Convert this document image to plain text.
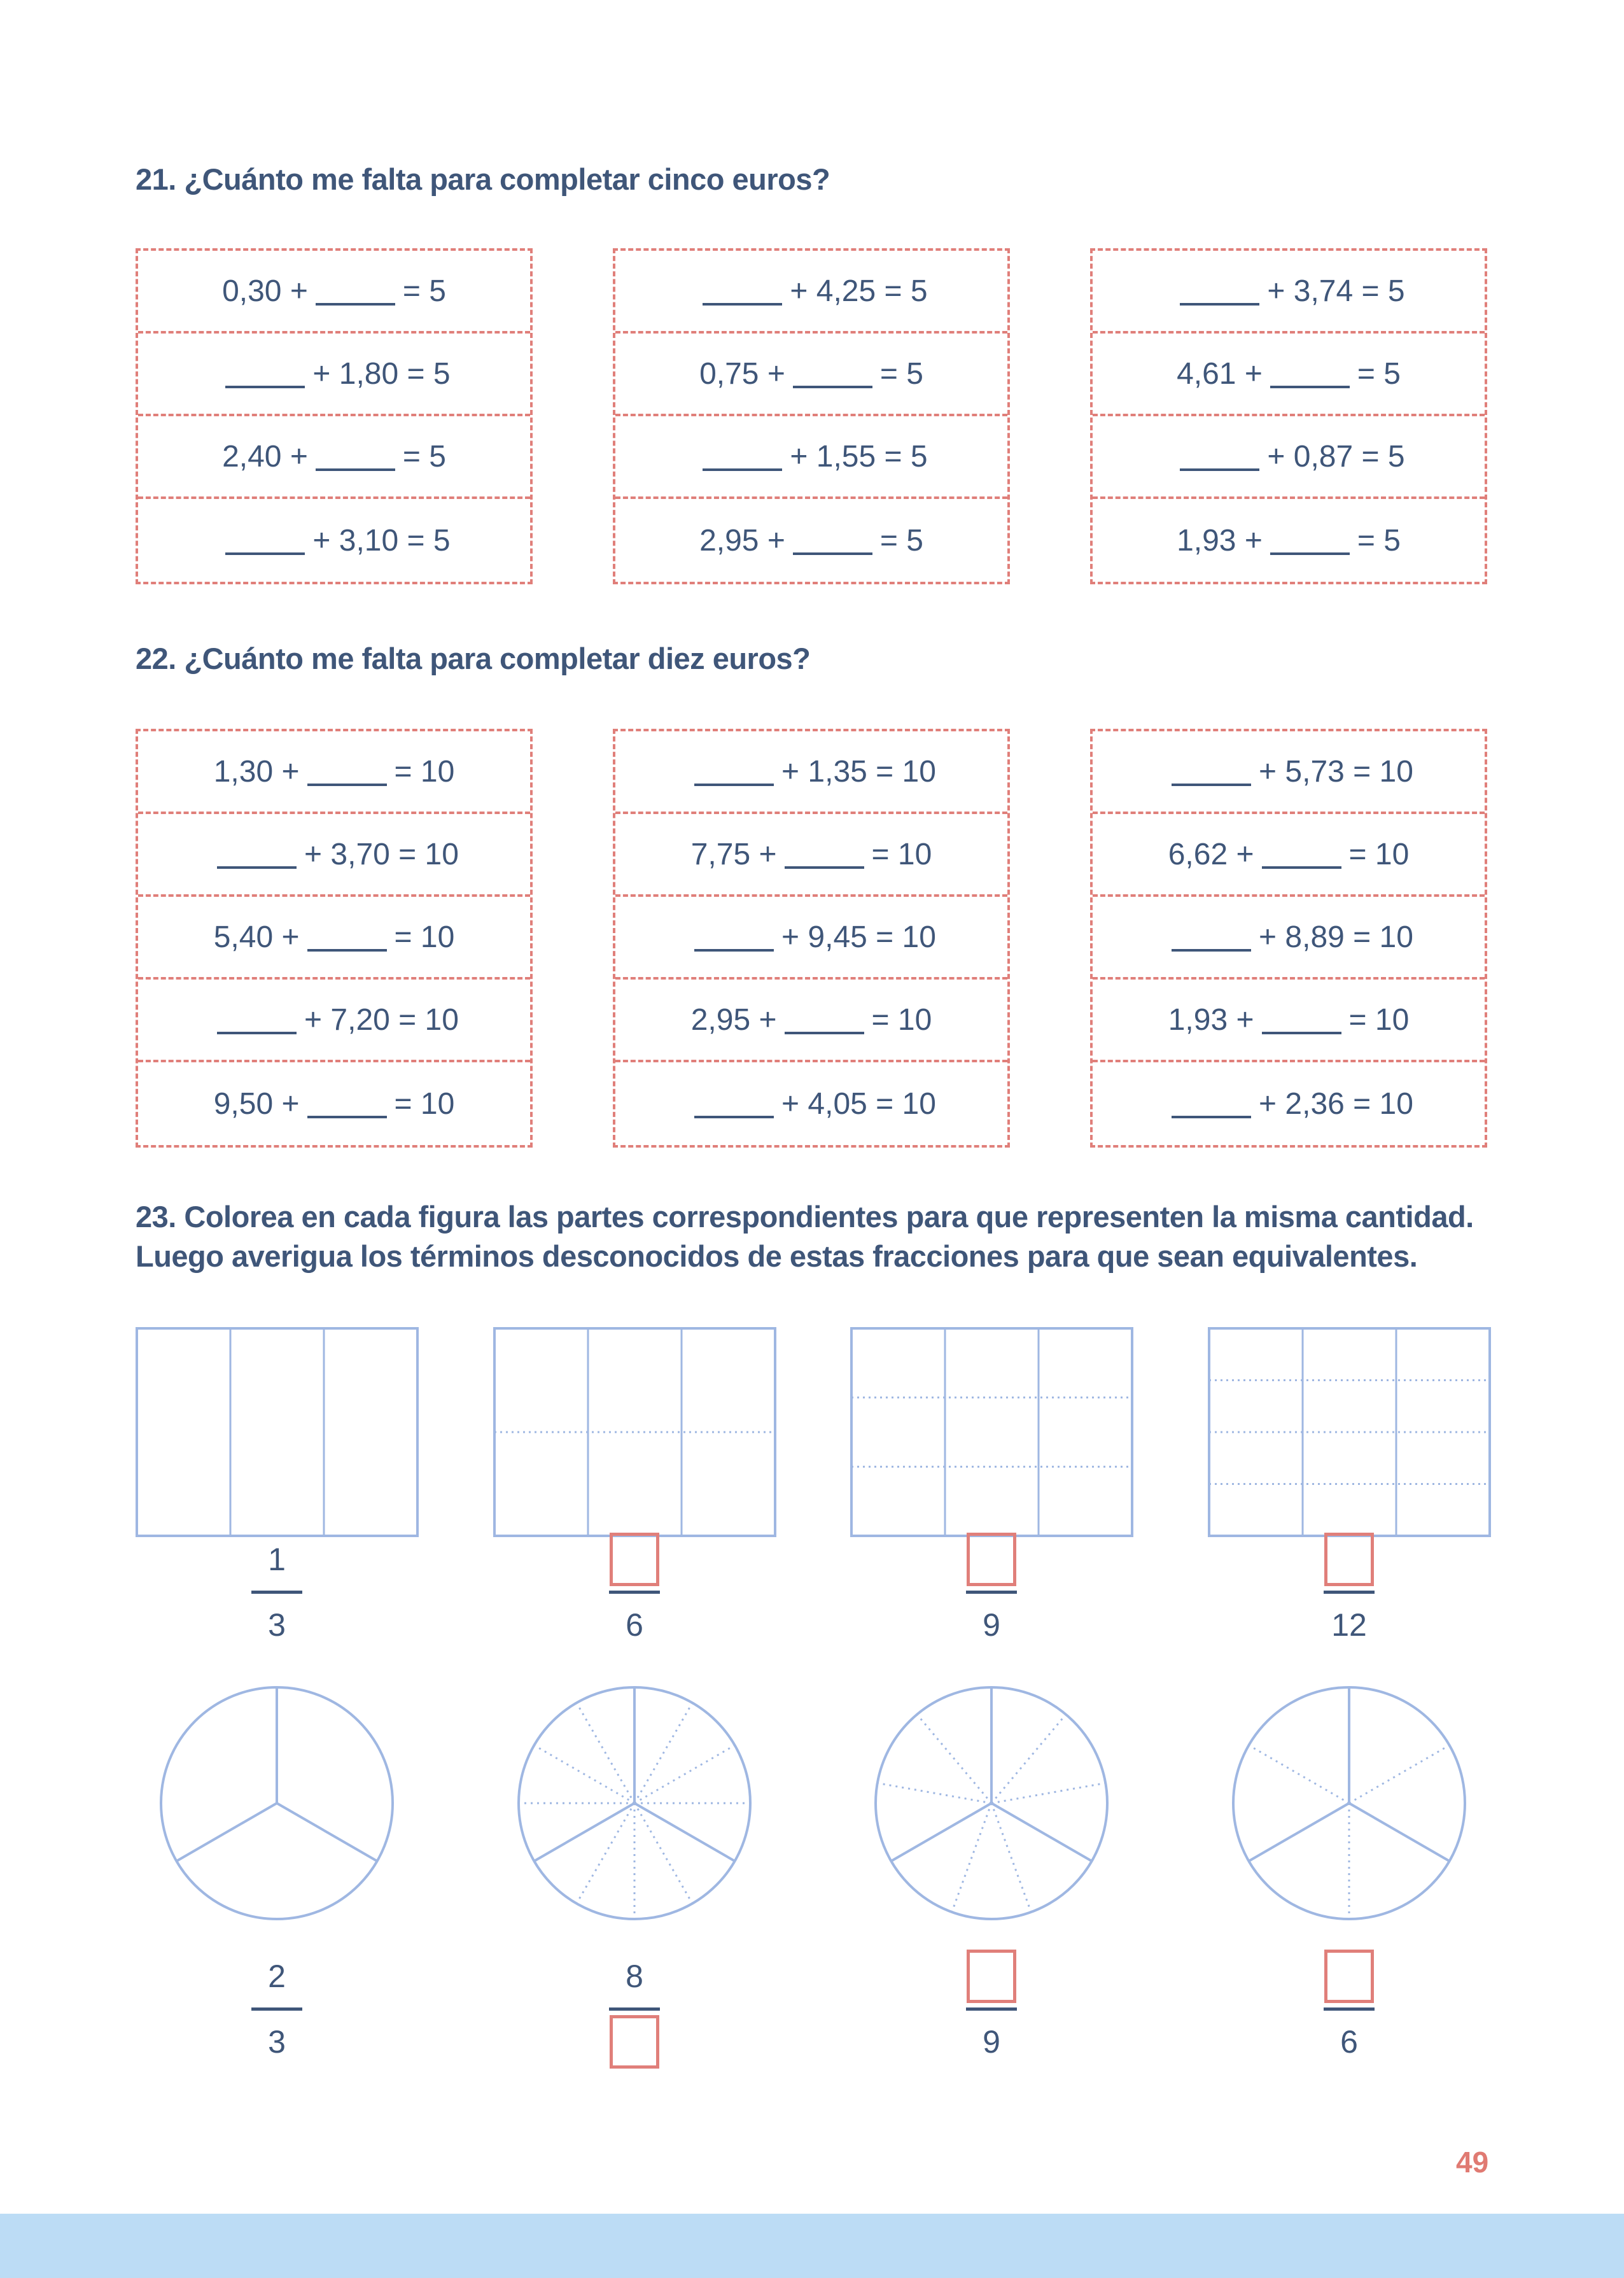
21. ¿Cuánto me falta para completar cinco euros?
0,30 +	= 5
+ 1,80 = 5
2,40 +	= 5
+ 3,10 = 5
+ 4,25 = 5
0,75 +	= 5
+ 1,55 = 5
2,95 +	= 5
+ 3,74 = 5
4,61 +	= 5
+ 0,87 = 5
1,93 +	= 5
22. ¿Cuánto me falta para completar diez euros?
1,30 +	= 10
+ 3,70 = 10
5,40 +	= 10
+ 7,20 = 10
9,50 +	= 10
+ 1,35 = 10
7,75 +	= 10
+ 9,45 = 10
2,95 +	= 10
+ 4,05 = 10
+ 5,73 = 10
6,62 +	= 10
+ 8,89 = 10
1,93 +	= 10
+ 2,36 = 10
23. Colorea en cada figura las partes correspondientes para que representen la misma cantidad.
Luego averigua los términos desconocidos de estas fracciones para que sean equivalentes.
1
3	6	9	12
2
3
8
9	6
49
